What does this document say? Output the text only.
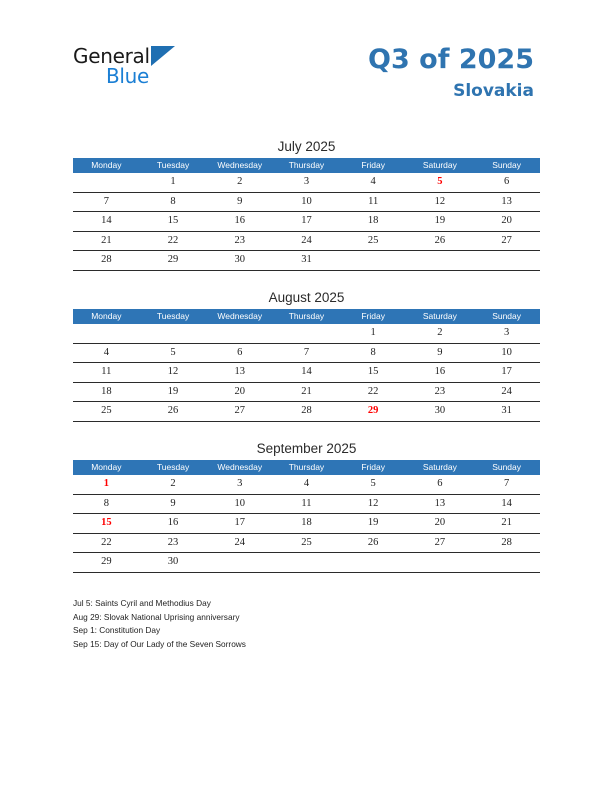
General
Blue
Q3 of 2025
Slovakia
July 2025
Monday	Tuesday	Wednesday	Thursday	Friday	Saturday	Sunday
	1	2	3	4	5	6
7	8	9	10	11	12	13
14	15	16	17	18	19	20
21	22	23	24	25	26	27
28	29	30	31			
August 2025
Monday	Tuesday	Wednesday	Thursday	Friday	Saturday	Sunday
				1	2	3
4	5	6	7	8	9	10
11	12	13	14	15	16	17
18	19	20	21	22	23	24
25	26	27	28	29	30	31
September 2025
Monday	Tuesday	Wednesday	Thursday	Friday	Saturday	Sunday
1	2	3	4	5	6	7
8	9	10	11	12	13	14
15	16	17	18	19	20	21
22	23	24	25	26	27	28
29	30					
Jul 5: Saints Cyril and Methodius Day
Aug 29: Slovak National Uprising anniversary
Sep 1: Constitution Day
Sep 15: Day of Our Lady of the Seven Sorrows
